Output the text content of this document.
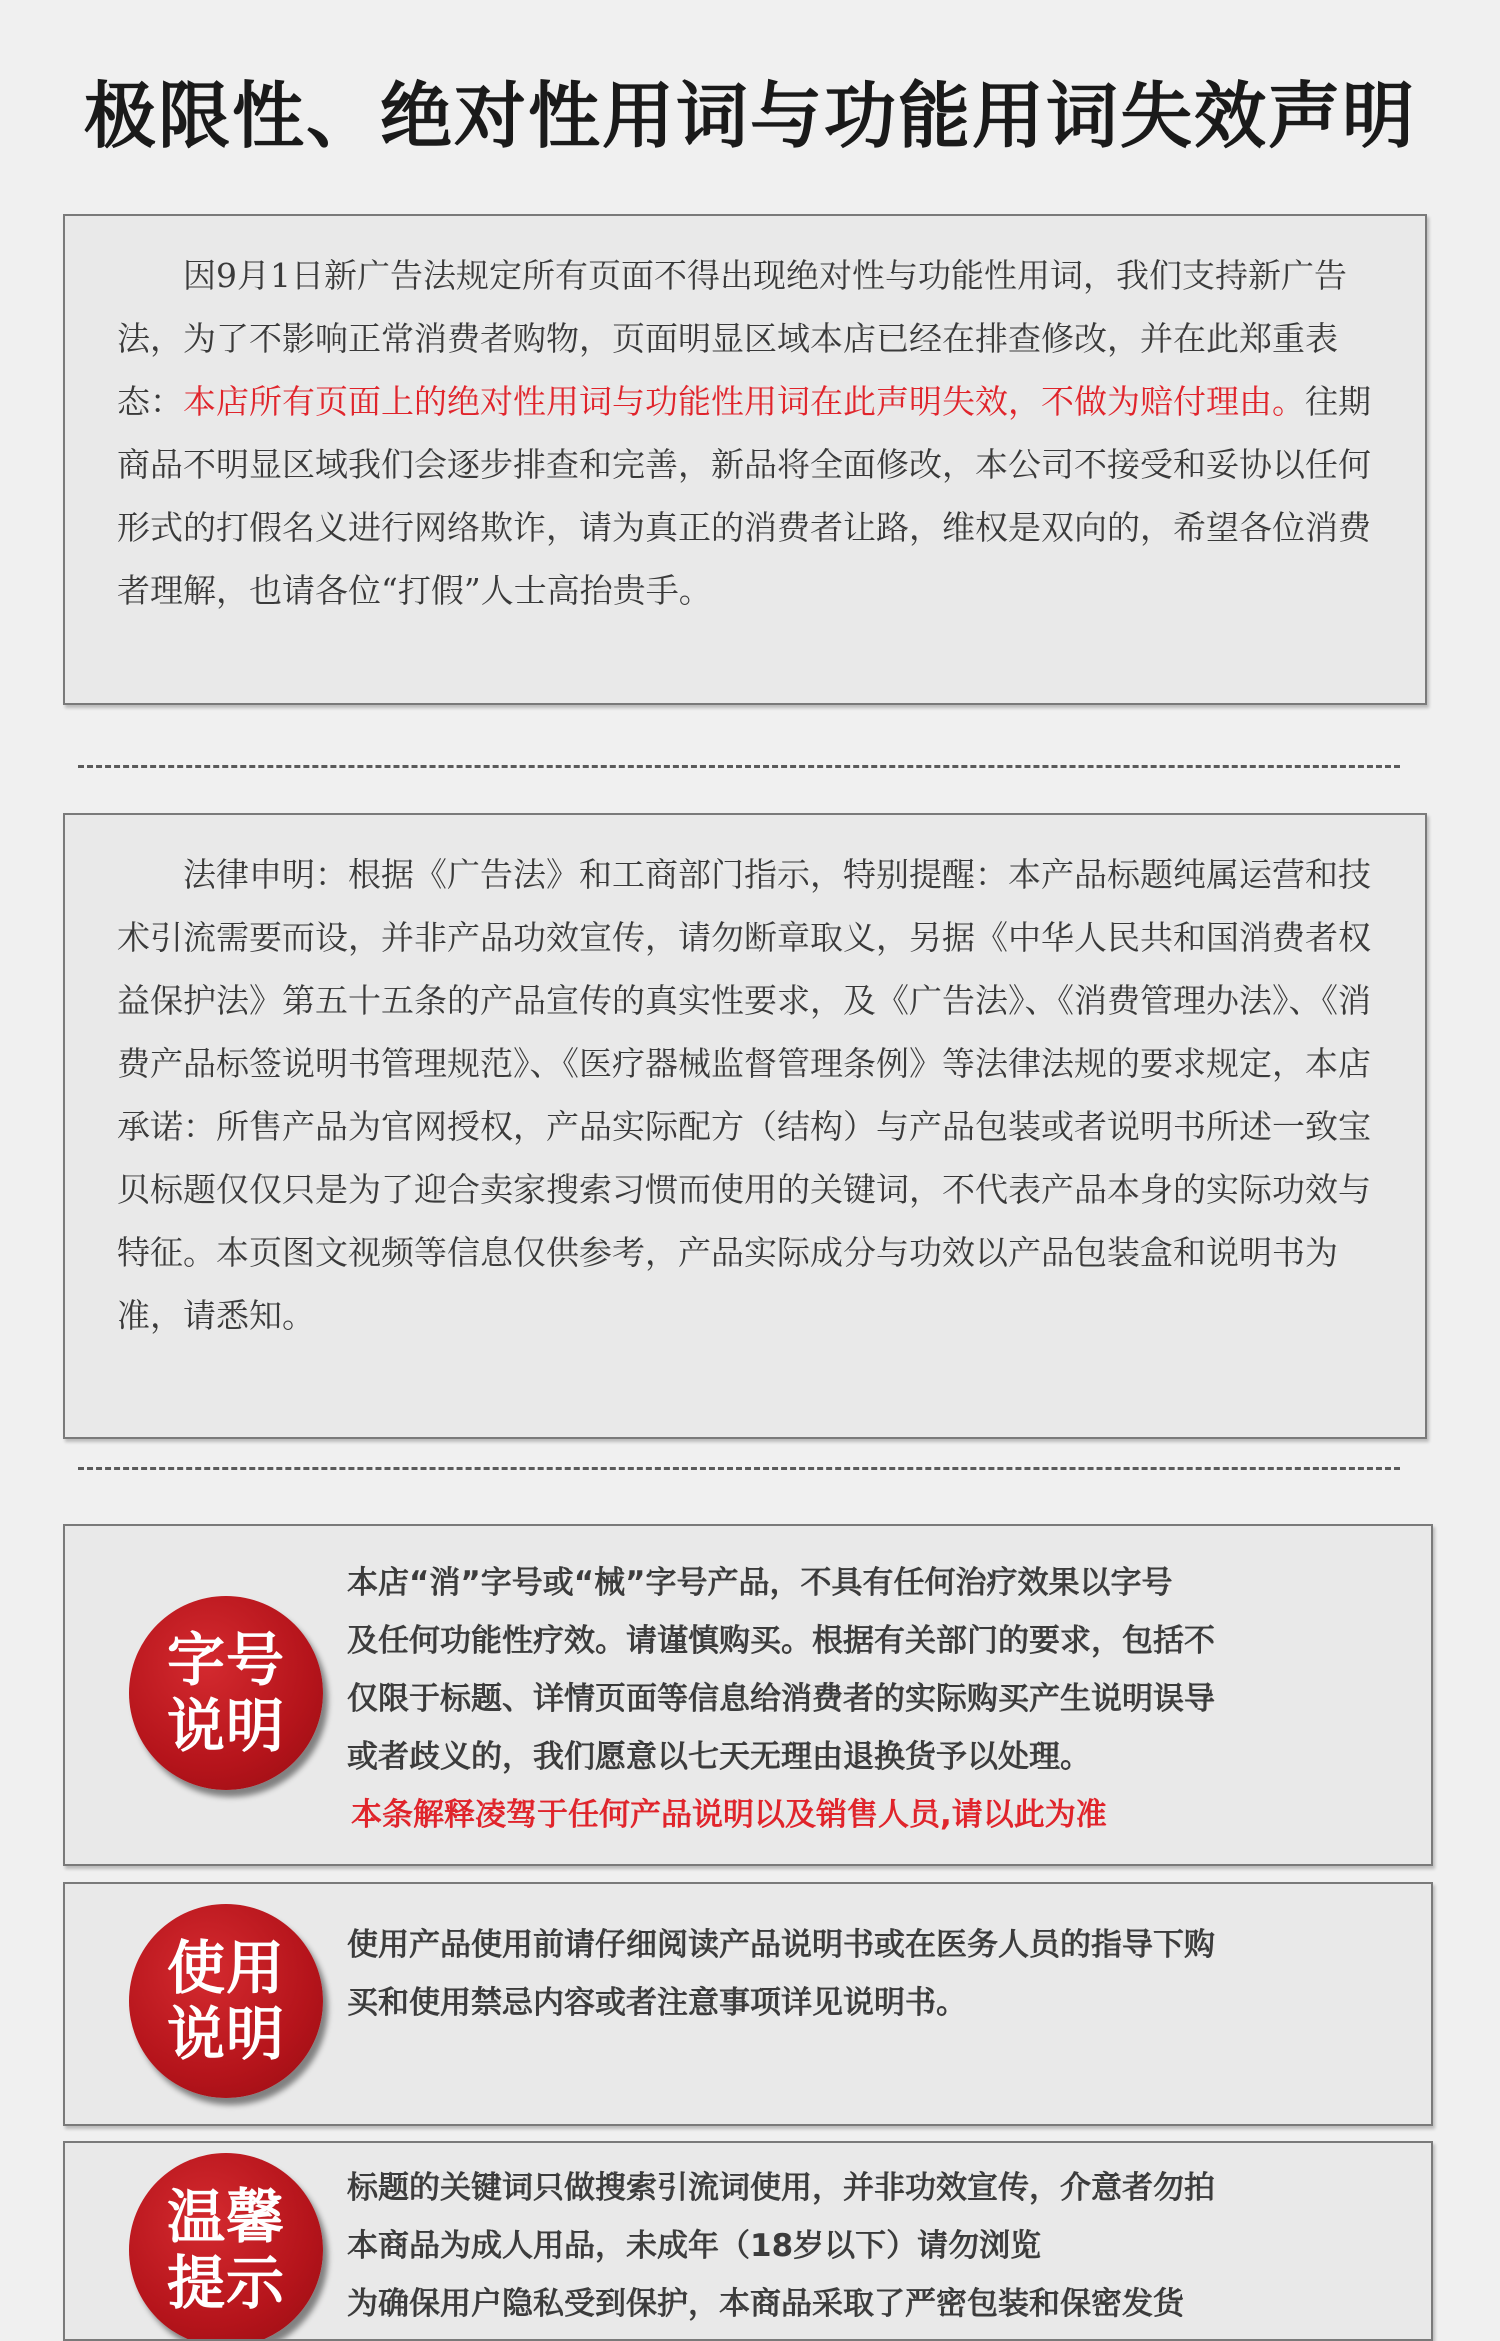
极限性、绝对性用词与功能用词失效声明

因9月1日新广告法规定所有页面不得出现绝对性与功能性用词，我们支持新广告法，为了不影响正常消费者购物，页面明显区域本店已经在排查修改，并在此郑重表态：本店所有页面上的绝对性用词与功能性用词在此声明失效，不做为赔付理由。往期商品不明显区域我们会逐步排查和完善，新品将全面修改，本公司不接受和妥协以任何形式的打假名义进行网络欺诈，请为真正的消费者让路，维权是双向的，希望各位消费者理解，也请各位“打假”人士高抬贵手。

法律申明：根据《广告法》和工商部门指示，特别提醒：本产品标题纯属运营和技术引流需要而设，并非产品功效宣传，请勿断章取义，另据《中华人民共和国消费者权益保护法》第五十五条的产品宣传的真实性要求，及《广告法》、《消费管理办法》、《消费产品标签说明书管理规范》、《医疗器械监督管理条例》等法律法规的要求规定，本店承诺：所售产品为官网授权，产品实际配方（结构）与产品包装或者说明书所述一致宝贝标题仅仅只是为了迎合卖家搜索习惯而使用的关键词，不代表产品本身的实际功效与特征。本页图文视频等信息仅供参考，产品实际成分与功效以产品包装盒和说明书为准，请悉知。

字号
说明

本店“消”字号或“械”字号产品，不具有任何治疗效果以字号
及任何功能性疗效。请谨慎购买。根据有关部门的要求，包括不
仅限于标题、详情页面等信息给消费者的实际购买产生说明误导
或者歧义的，我们愿意以七天无理由退换货予以处理。

本条解释凌驾于任何产品说明以及销售人员,请以此为准

使用
说明

使用产品使用前请仔细阅读产品说明书或在医务人员的指导下购
买和使用禁忌内容或者注意事项详见说明书。

温馨
提示

标题的关键词只做搜索引流词使用，并非功效宣传，介意者勿拍
本商品为成人用品，未成年（18岁以下）请勿浏览
为确保用户隐私受到保护，本商品采取了严密包装和保密发货
